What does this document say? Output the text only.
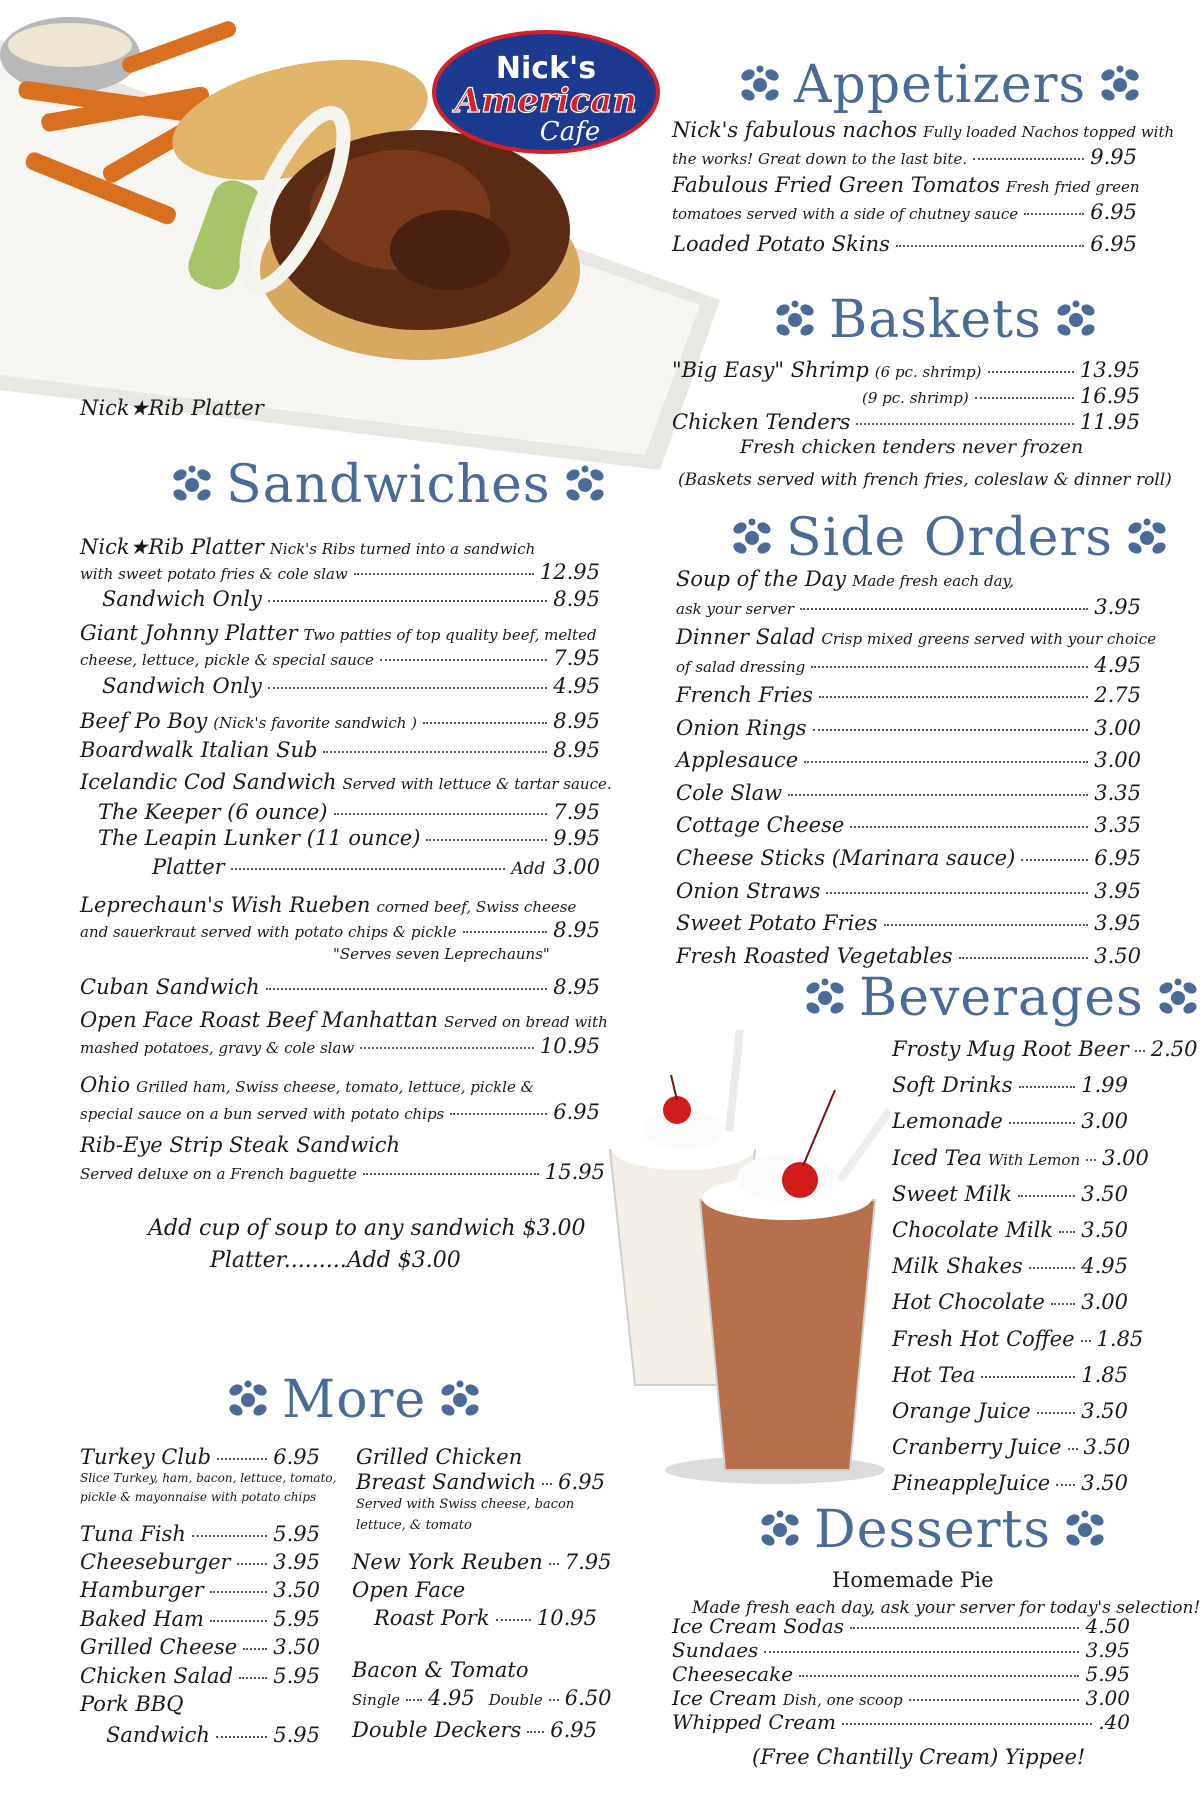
Nick's
American
Cafe
Nick★Rib Platter
Appetizers
Nick's fabulous nachos Fully loaded Nachos topped with
the works! Great down to the last bite.	9.95
Fabulous Fried Green Tomatos Fresh fried green
tomatoes served with a side of chutney sauce	6.95
Loaded Potato Skins	6.95
Baskets
"Big Easy" Shrimp (6 pc. shrimp)	13.95
(9 pc. shrimp)	16.95
Chicken Tenders	11.95
Fresh chicken tenders never frozen
(Baskets served with french fries, coleslaw & dinner roll)
Side Orders
Soup of the Day Made fresh each day,
ask your server	3.95
Dinner Salad Crisp mixed greens served with your choice
of salad dressing	4.95
French Fries	2.75
Onion Rings	3.00
Applesauce	3.00
Cole Slaw	3.35
Cottage Cheese	3.35
Cheese Sticks (Marinara sauce)	6.95
Onion Straws	3.95
Sweet Potato Fries	3.95
Fresh Roasted Vegetables	3.50
Sandwiches
Nick★Rib Platter Nick's Ribs turned into a sandwich
with sweet potato fries & cole slaw	12.95
Sandwich Only	8.95
Giant Johnny Platter Two patties of top quality beef, melted
cheese, lettuce, pickle & special sauce	7.95
Sandwich Only	4.95
Beef Po Boy (Nick's favorite sandwich )	8.95
Boardwalk Italian Sub	8.95
Icelandic Cod Sandwich Served with lettuce & tartar sauce.
The Keeper (6 ounce)	7.95
The Leapin Lunker (11 ounce)	9.95
Platter	Add 3.00
Leprechaun's Wish Rueben corned beef, Swiss cheese
and sauerkraut served with potato chips & pickle	8.95
"Serves seven Leprechauns"
Cuban Sandwich	8.95
Open Face Roast Beef Manhattan Served on bread with
mashed potatoes, gravy & cole slaw	10.95
Ohio Grilled ham, Swiss cheese, tomato, lettuce, pickle &
special sauce on a bun served with potato chips	6.95
Rib-Eye Strip Steak Sandwich
Served deluxe on a French baguette	15.95
Add cup of soup to any sandwich $3.00
Platter.........Add $3.00
More
Turkey Club	6.95
Slice Turkey, ham, bacon, lettuce, tomato,
pickle & mayonnaise with potato chips
Tuna Fish	5.95
Cheeseburger 3.95
Hamburger	3.50
Baked Ham	5.95
Grilled Cheese 3.50
Chicken Salad 5.95
Pork BBQ
Sandwich	5.95
Grilled Chicken
Breast Sandwich 6.95
Served with Swiss cheese, bacon
lettuce, & tomato
New York Reuben 7.95
Open Face
Roast Pork 10.95
Bacon & Tomato
Single 4.95 Double 6.50
Double Deckers 6.95
Beverages
Frosty Mug Root Beer 2.50
Soft Drinks	1.99
Lemonade	3.00
Iced Tea With Lemon 3.00
Sweet Milk	3.50
Chocolate Milk 3.50
Milk Shakes	4.95
Hot Chocolate 3.00
Fresh Hot Coffee 1.85
Hot Tea	1.85
Orange Juice 3.50
Cranberry Juice 3.50
PineappleJuice 3.50
Desserts
Homemade Pie
Made fresh each day, ask your server for today's selection!
Ice Cream Sodas	4.50
Sundaes	3.95
Cheesecake	5.95
Ice Cream Dish, one scoop	3.00
Whipped Cream	.40
(Free Chantilly Cream) Yippee!
